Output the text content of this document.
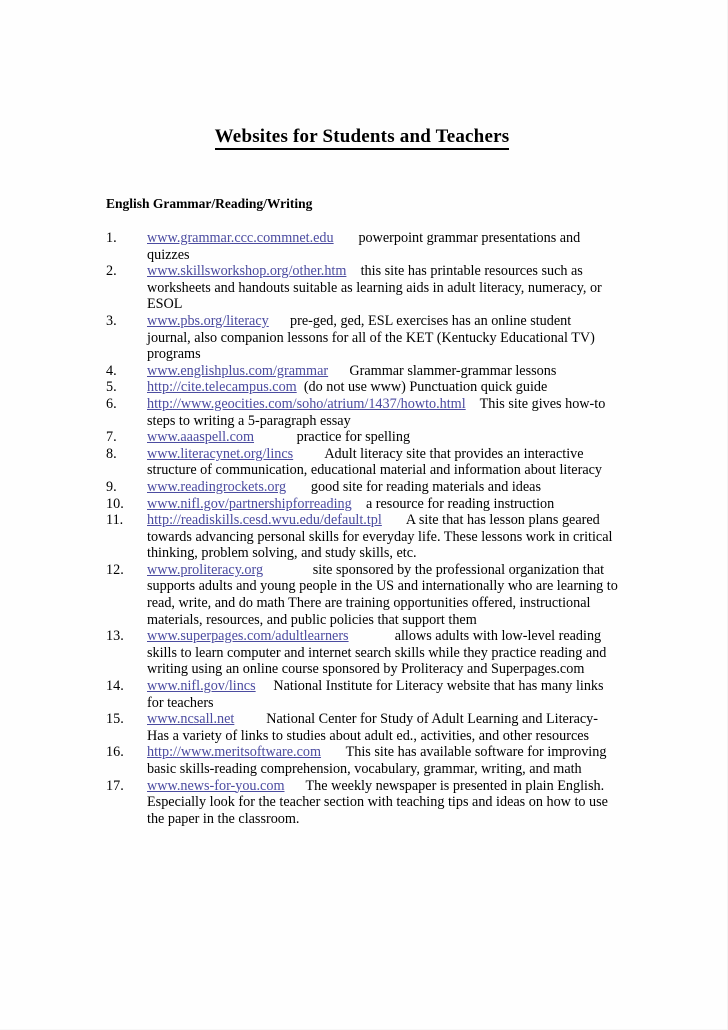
Websites for Students and Teachers
English Grammar/Reading/Writing
1.	www.grammar.ccc.commnet.edu powerpoint grammar presentations and quizzes
2.	www.skillsworkshop.org/other.htm this site has printable resources such as worksheets and handouts suitable as learning aids in adult literacy, numeracy, or ESOL
3.	www.pbs.org/literacy pre-ged, ged, ESL exercises has an online student journal, also companion lessons for all of the KET (Kentucky Educational TV) programs
4.	www.englishplus.com/grammar Grammar slammer-grammar lessons
5.	http://cite.telecampus.com (do not use www) Punctuation quick guide
6.	http://www.geocities.com/soho/atrium/1437/howto.html This site gives how-to steps to writing a 5-paragraph essay
7.	www.aaaspell.com	practice for spelling
8.	www.literacynet.org/lincs Adult literacy site that provides an interactive structure of communication, educational material and information about literacy
9.	www.readingrockets.org good site for reading materials and ideas
10.	www.nifl.gov/partnershipforreading a resource for reading instruction
11.	http://readiskills.cesd.wvu.edu/default.tpl A site that has lesson plans geared towards advancing personal skills for everyday life. These lessons work in critical thinking, problem solving, and study skills, etc.
12.	www.proliteracy.org	site sponsored by the professional organization that supports adults and young people in the US and internationally who are learning to read, write, and do math There are training opportunities offered, instructional materials, resources, and public policies that support them
13.	www.superpages.com/adultlearners	allows adults with low-level reading skills to learn computer and internet search skills while they practice reading and writing using an online course sponsored by Proliteracy and Superpages.com
14.	www.nifl.gov/lincs National Institute for Literacy website that has many links for teachers
15.	www.ncsall.net National Center for Study of Adult Learning and Literacy-Has a variety of links to studies about adult ed., activities, and other resources
16.	http://www.meritsoftware.com This site has available software for improving basic skills-reading comprehension, vocabulary, grammar, writing, and math
17.	www.news-for-you.com The weekly newspaper is presented in plain English. Especially look for the teacher section with teaching tips and ideas on how to use the paper in the classroom.
